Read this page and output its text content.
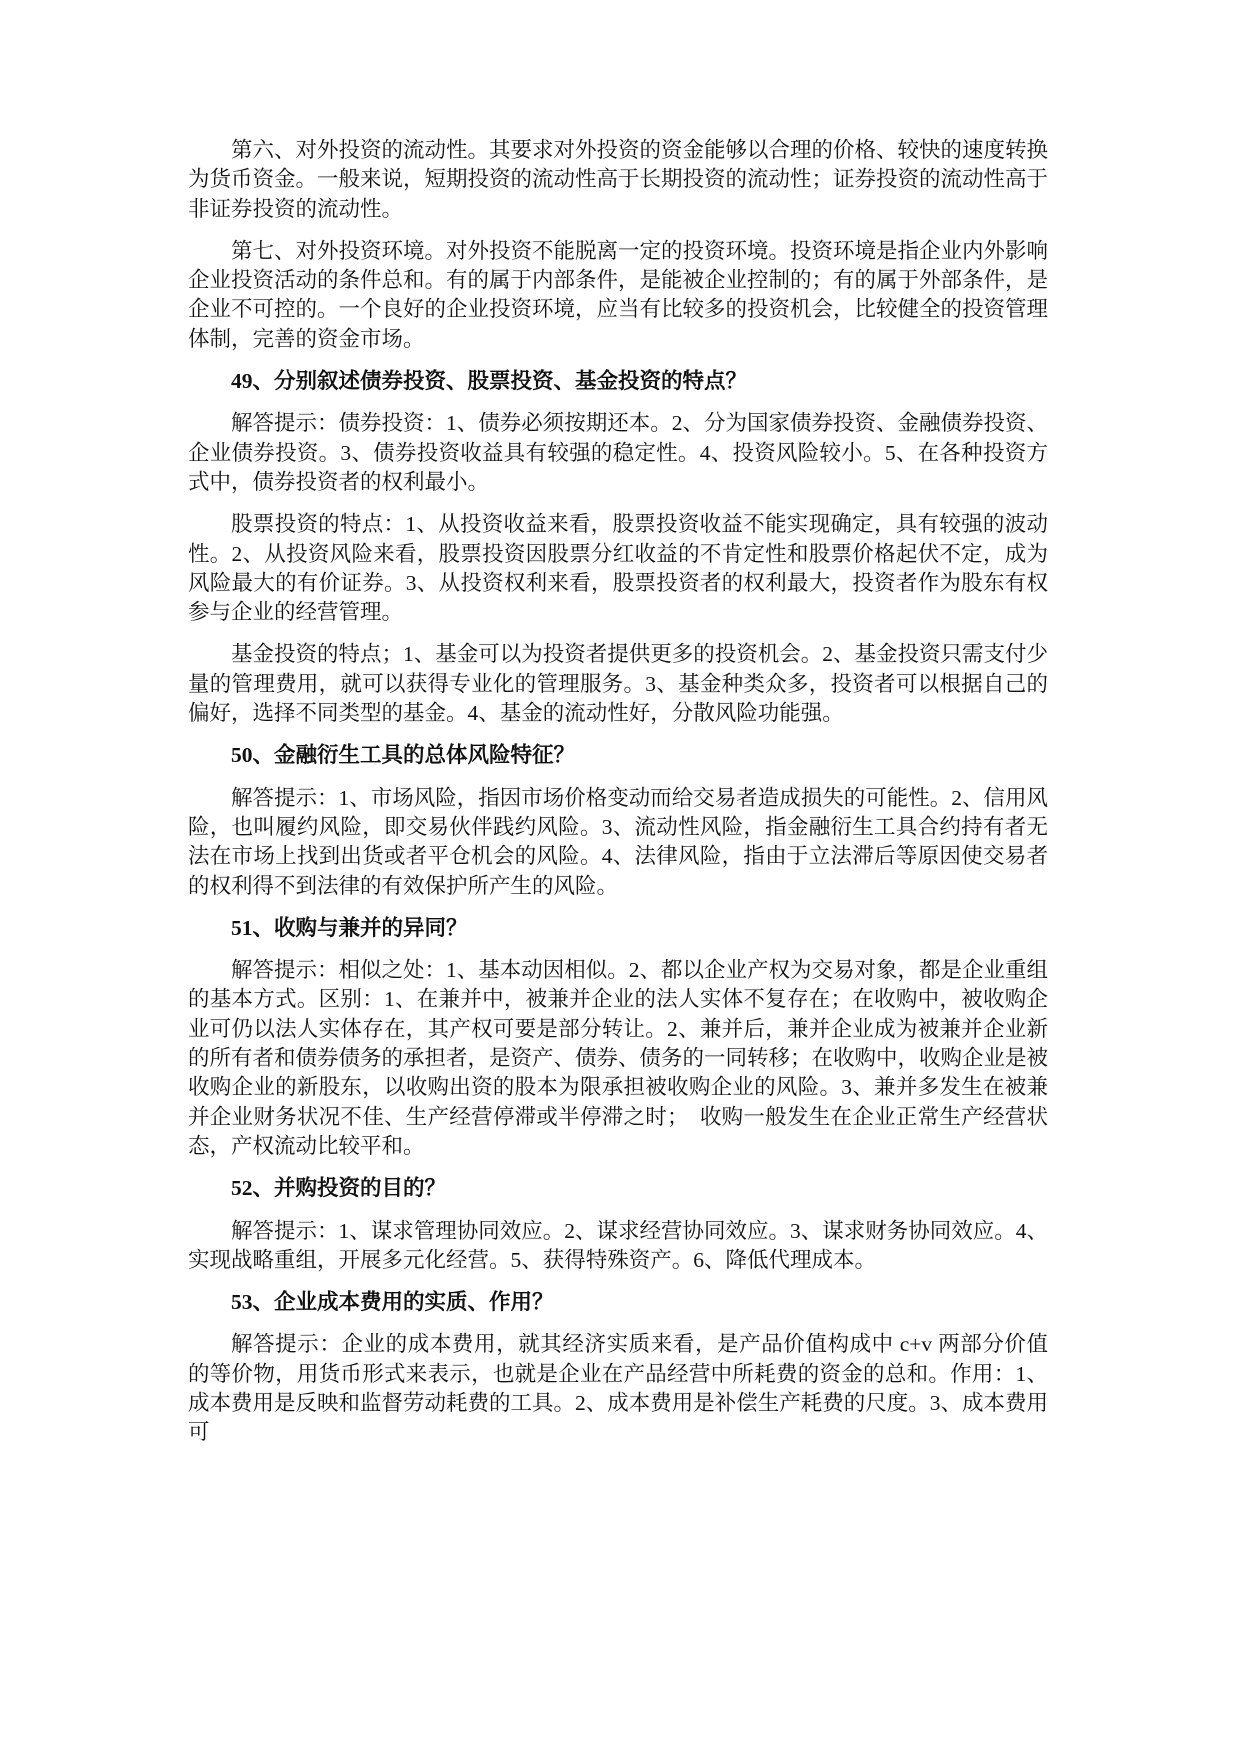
第六、对外投资的流动性。其要求对外投资的资金能够以合理的价格、较快的速度转换为货币资金。一般来说，短期投资的流动性高于长期投资的流动性；证券投资的流动性高于非证券投资的流动性。

第七、对外投资环境。对外投资不能脱离一定的投资环境。投资环境是指企业内外影响企业投资活动的条件总和。有的属于内部条件，是能被企业控制的；有的属于外部条件，是企业不可控的。一个良好的企业投资环境，应当有比较多的投资机会，比较健全的投资管理体制，完善的资金市场。

49、分别叙述债券投资、股票投资、基金投资的特点？

解答提示：债券投资：1、债券必须按期还本。2、分为国家债券投资、金融债券投资、企业债券投资。3、债券投资收益具有较强的稳定性。4、投资风险较小。5、在各种投资方式中，债券投资者的权利最小。

股票投资的特点：1、从投资收益来看，股票投资收益不能实现确定，具有较强的波动性。2、从投资风险来看，股票投资因股票分红收益的不肯定性和股票价格起伏不定，成为风险最大的有价证券。3、从投资权利来看，股票投资者的权利最大，投资者作为股东有权参与企业的经营管理。

基金投资的特点；1、基金可以为投资者提供更多的投资机会。2、基金投资只需支付少量的管理费用，就可以获得专业化的管理服务。3、基金种类众多，投资者可以根据自己的偏好，选择不同类型的基金。4、基金的流动性好，分散风险功能强。

50、金融衍生工具的总体风险特征？

解答提示：1、市场风险，指因市场价格变动而给交易者造成损失的可能性。2、信用风险，也叫履约风险，即交易伙伴践约风险。3、流动性风险，指金融衍生工具合约持有者无法在市场上找到出货或者平仓机会的风险。4、法律风险，指由于立法滞后等原因使交易者的权利得不到法律的有效保护所产生的风险。

51、收购与兼并的异同？

解答提示：相似之处：1、基本动因相似。2、都以企业产权为交易对象，都是企业重组的基本方式。区别：1、在兼并中，被兼并企业的法人实体不复存在；在收购中，被收购企业可仍以法人实体存在，其产权可要是部分转让。2、兼并后，兼并企业成为被兼并企业新的所有者和债券债务的承担者，是资产、债券、债务的一同转移；在收购中，收购企业是被收购企业的新股东，以收购出资的股本为限承担被收购企业的风险。3、兼并多发生在被兼并企业财务状况不佳、生产经营停滞或半停滞之时；  收购一般发生在企业正常生产经营状态，产权流动比较平和。

52、并购投资的目的？

解答提示：1、谋求管理协同效应。2、谋求经营协同效应。3、谋求财务协同效应。4、实现战略重组，开展多元化经营。5、获得特殊资产。6、降低代理成本。

53、企业成本费用的实质、作用？

解答提示：企业的成本费用，就其经济实质来看，是产品价值构成中 c+v 两部分价值的等价物，用货币形式来表示，也就是企业在产品经营中所耗费的资金的总和。作用：1、成本费用是反映和监督劳动耗费的工具。2、成本费用是补偿生产耗费的尺度。3、成本费用可
